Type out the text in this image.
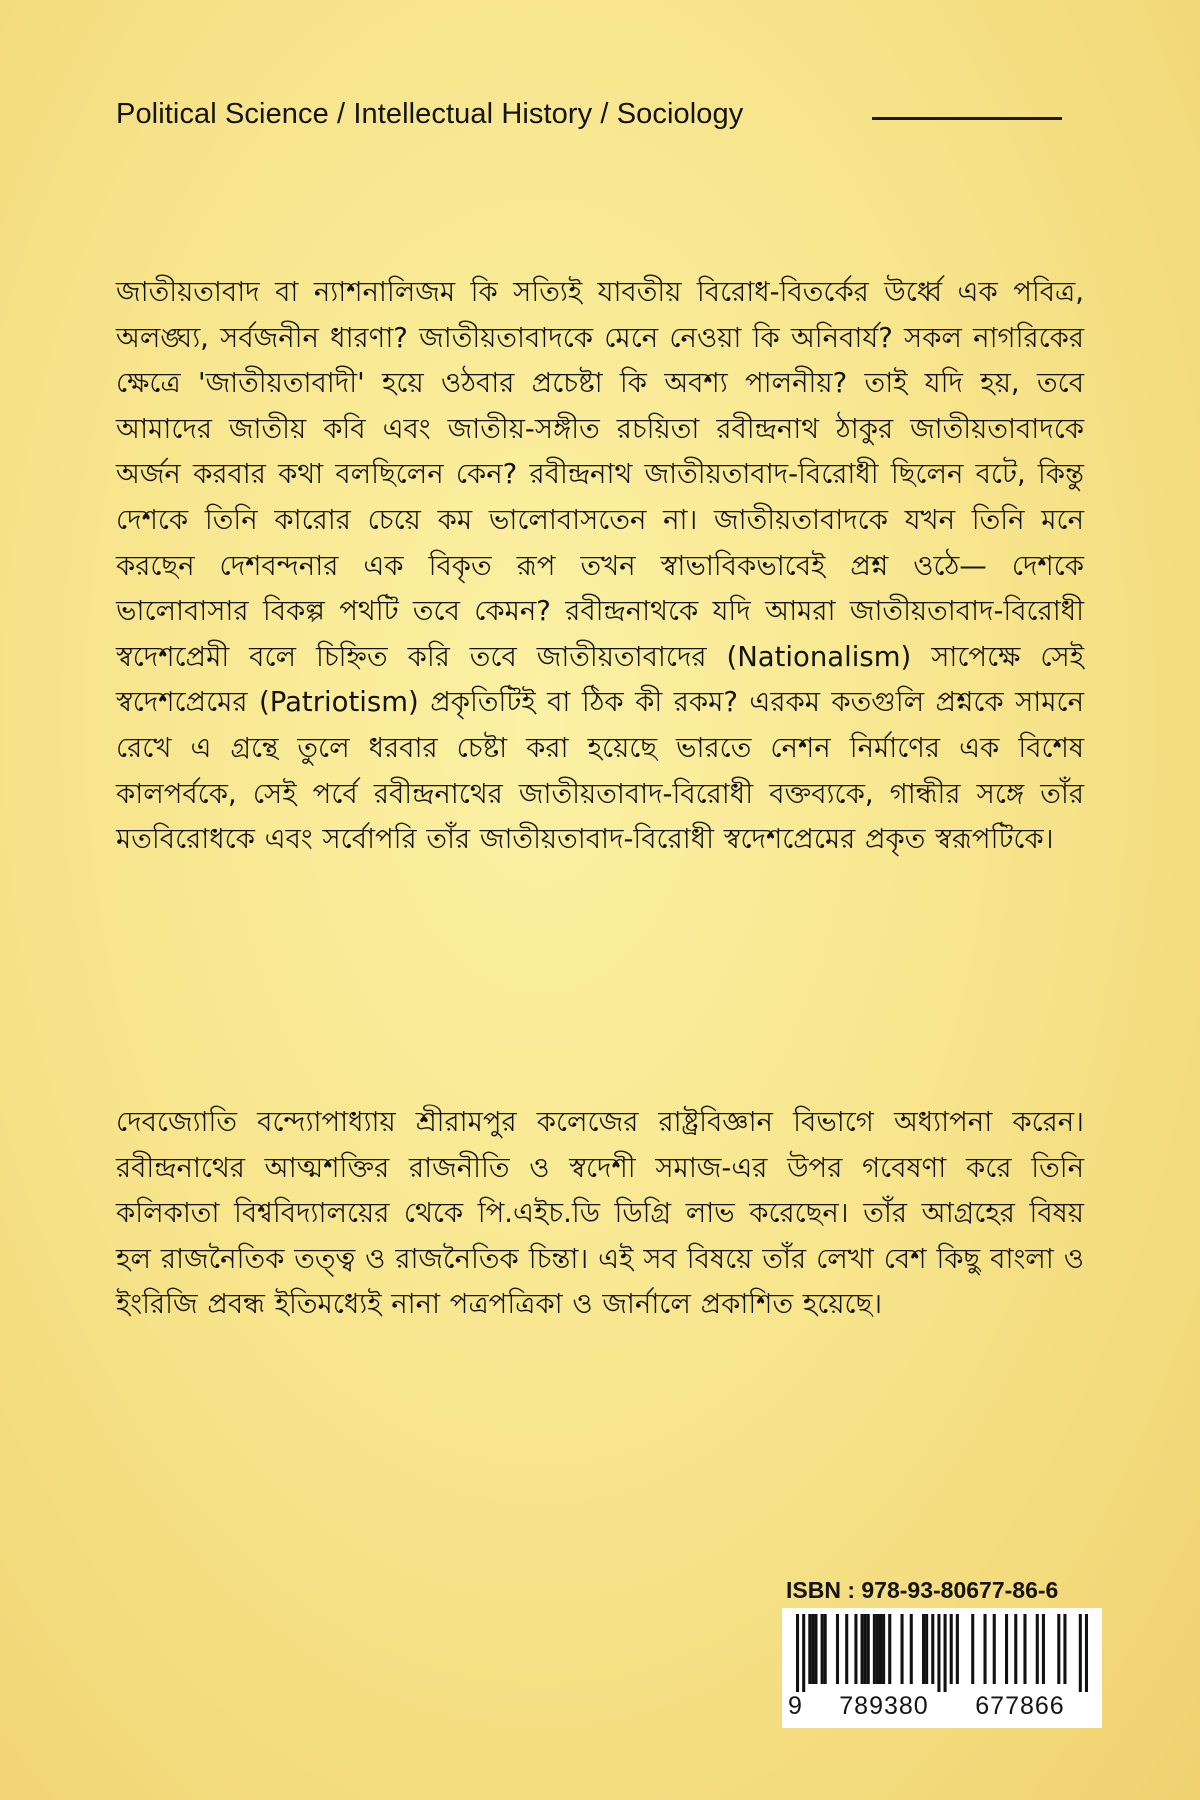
Political Science / Intellectual History / Sociology

জাতীয়তাবাদ বা ন্যাশনালিজম কি সত্যিই যাবতীয় বিরোধ-বিতর্কের উর্ধ্বে এক পবিত্র, অলঙ্ঘ্য, সর্বজনীন ধারণা? জাতীয়তাবাদকে মেনে নেওয়া কি অনিবার্য? সকল নাগরিকের ক্ষেত্রে 'জাতীয়তাবাদী' হয়ে ওঠবার প্রচেষ্টা কি অবশ্য পালনীয়? তাই যদি হয়, তবে আমাদের জাতীয় কবি এবং জাতীয়-সঙ্গীত রচয়িতা রবীন্দ্রনাথ ঠাকুর জাতীয়তাবাদকে অর্জন করবার কথা বলছিলেন কেন? রবীন্দ্রনাথ জাতীয়তাবাদ-বিরোধী ছিলেন বটে, কিন্তু দেশকে তিনি কারোর চেয়ে কম ভালোবাসতেন না। জাতীয়তাবাদকে যখন তিনি মনে করছেন দেশবন্দনার এক বিকৃত রূপ তখন স্বাভাবিকভাবেই প্রশ্ন ওঠে— দেশকে ভালোবাসার বিকল্প পথটি তবে কেমন? রবীন্দ্রনাথকে যদি আমরা জাতীয়তাবাদ-বিরোধী স্বদেশপ্রেমী বলে চিহ্নিত করি তবে জাতীয়তাবাদের (Nationalism) সাপেক্ষে সেই স্বদেশপ্রেমের (Patriotism) প্রকৃতিটিই বা ঠিক কী রকম? এরকম কতগুলি প্রশ্নকে সামনে রেখে এ গ্রন্থে তুলে ধরবার চেষ্টা করা হয়েছে ভারতে নেশন নির্মাণের এক বিশেষ কালপর্বকে, সেই পর্বে রবীন্দ্রনাথের জাতীয়তাবাদ-বিরোধী বক্তব্যকে, গান্ধীর সঙ্গে তাঁর মতবিরোধকে এবং সর্বোপরি তাঁর জাতীয়তাবাদ-বিরোধী স্বদেশপ্রেমের প্রকৃত স্বরূপটিকে।

দেবজ্যোতি বন্দ্যোপাধ্যায় শ্রীরামপুর কলেজের রাষ্ট্রবিজ্ঞান বিভাগে অধ্যাপনা করেন। রবীন্দ্রনাথের আত্মশক্তির রাজনীতি ও স্বদেশী সমাজ-এর উপর গবেষণা করে তিনি কলিকাতা বিশ্ববিদ্যালয়ের থেকে পি.এইচ.ডি ডিগ্রি লাভ করেছেন। তাঁর আগ্রহের বিষয় হল রাজনৈতিক তত্ত্ব ও রাজনৈতিক চিন্তা। এই সব বিষয়ে তাঁর লেখা বেশ কিছু বাংলা ও ইংরিজি প্রবন্ধ ইতিমধ্যেই নানা পত্রপত্রিকা ও জার্নালে প্রকাশিত হয়েছে।

ISBN : 978-93-80677-86-6
9 789380 677866
